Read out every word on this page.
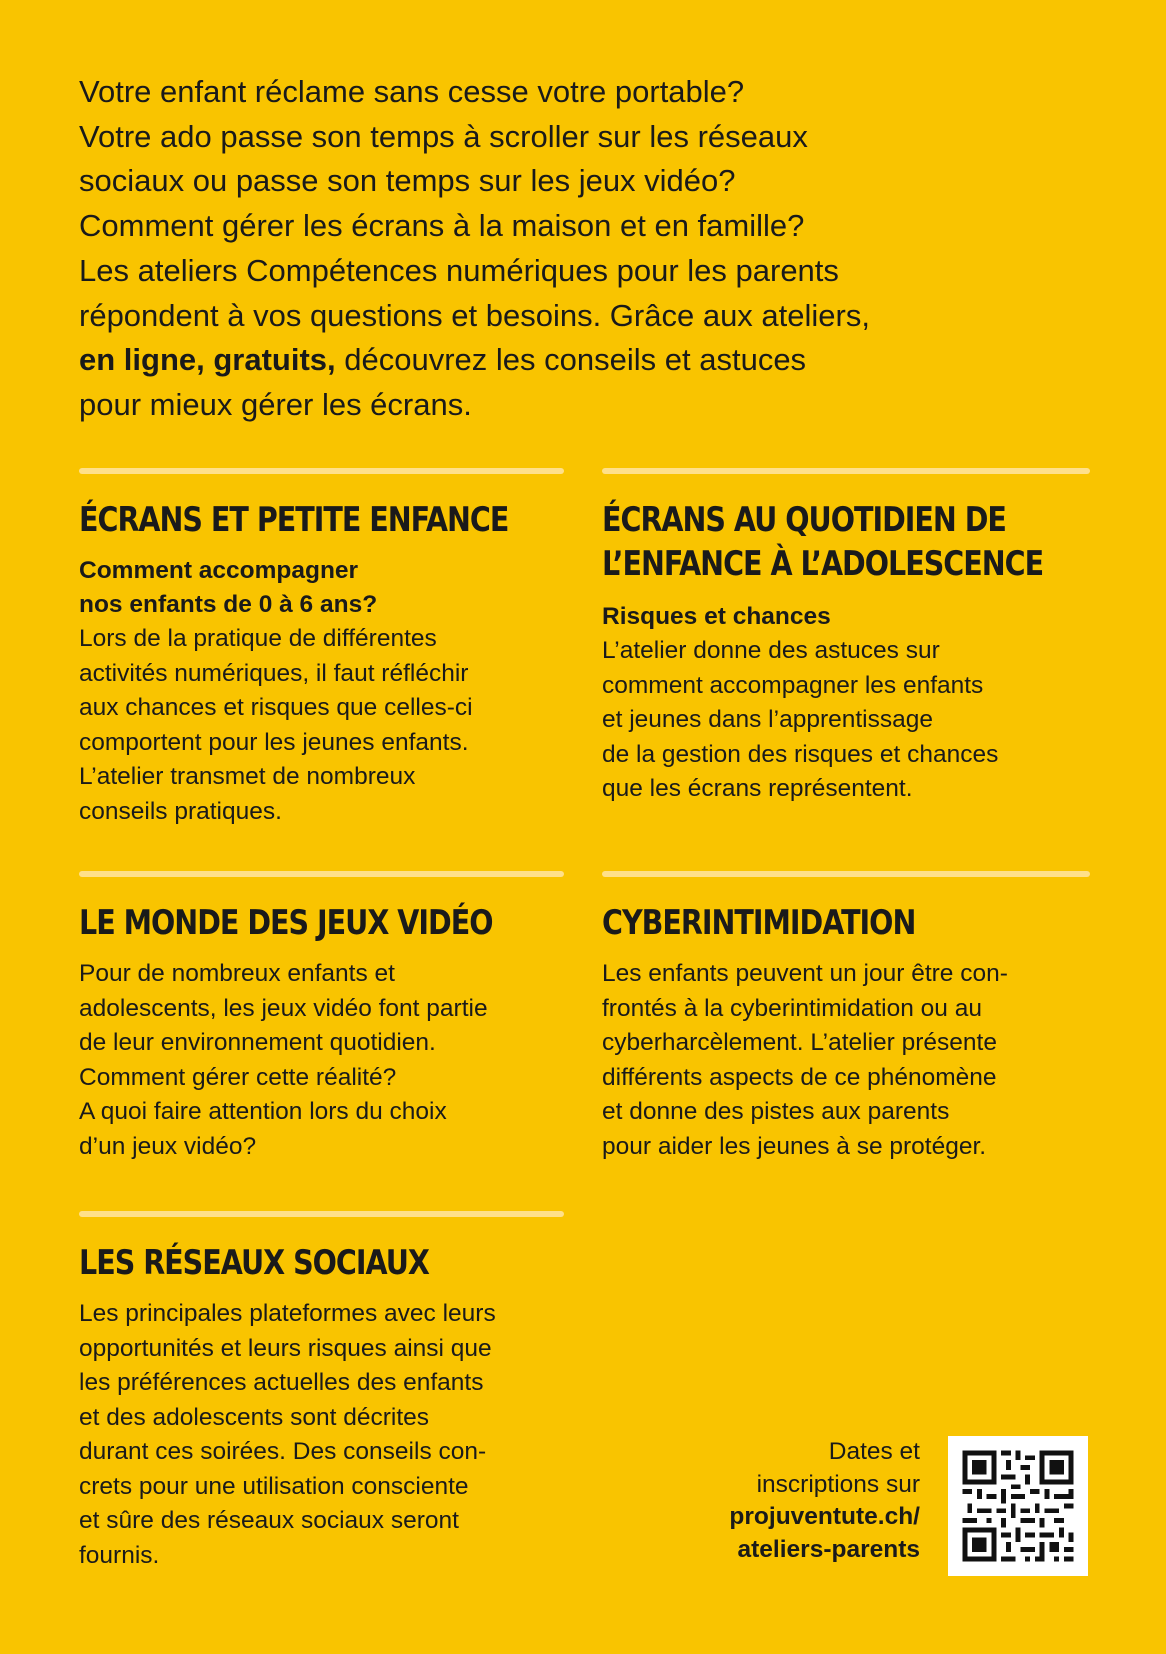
Votre enfant réclame sans cesse votre portable?
Votre ado passe son temps à scroller sur les réseaux
sociaux ou passe son temps sur les jeux vidéo?
Comment gérer les écrans à la maison et en famille?
Les ateliers Compétences numériques pour les parents
répondent à vos questions et besoins. Grâce aux ateliers,
en ligne, gratuits, découvrez les conseils et astuces
pour mieux gérer les écrans.

ÉCRANS ET PETITE ENFANCE
Comment accompagner
nos enfants de 0 à 6 ans?
Lors de la pratique de différentes
activités numériques, il faut réfléchir
aux chances et risques que celles-ci
comportent pour les jeunes enfants.
L’atelier transmet de nombreux
conseils pratiques.
ÉCRANS AU QUOTIDIEN DE
L’ENFANCE À L’ADOLESCENCE
Risques et chances
L’atelier donne des astuces sur
comment accompagner les enfants
et jeunes dans l’apprentissage
de la gestion des risques et chances
que les écrans représentent.
LE MONDE DES JEUX VIDÉO
Pour de nombreux enfants et
adolescents, les jeux vidéo font partie
de leur environnement quotidien.
Comment gérer cette réalité?
A quoi faire attention lors du choix
d’un jeux vidéo?
CYBERINTIMIDATION
Les enfants peuvent un jour être con-
frontés à la cyberintimidation ou au
cyberharcèlement. L’atelier présente
différents aspects de ce phénomène
et donne des pistes aux parents
pour aider les jeunes à se protéger.
LES RÉSEAUX SOCIAUX
Les principales plateformes avec leurs
opportunités et leurs risques ainsi que
les préférences actuelles des enfants
et des adolescents sont décrites
durant ces soirées. Des conseils con-
crets pour une utilisation consciente
et sûre des réseaux sociaux seront
fournis.
Dates et
inscriptions sur
projuventute.ch/
ateliers-parents
